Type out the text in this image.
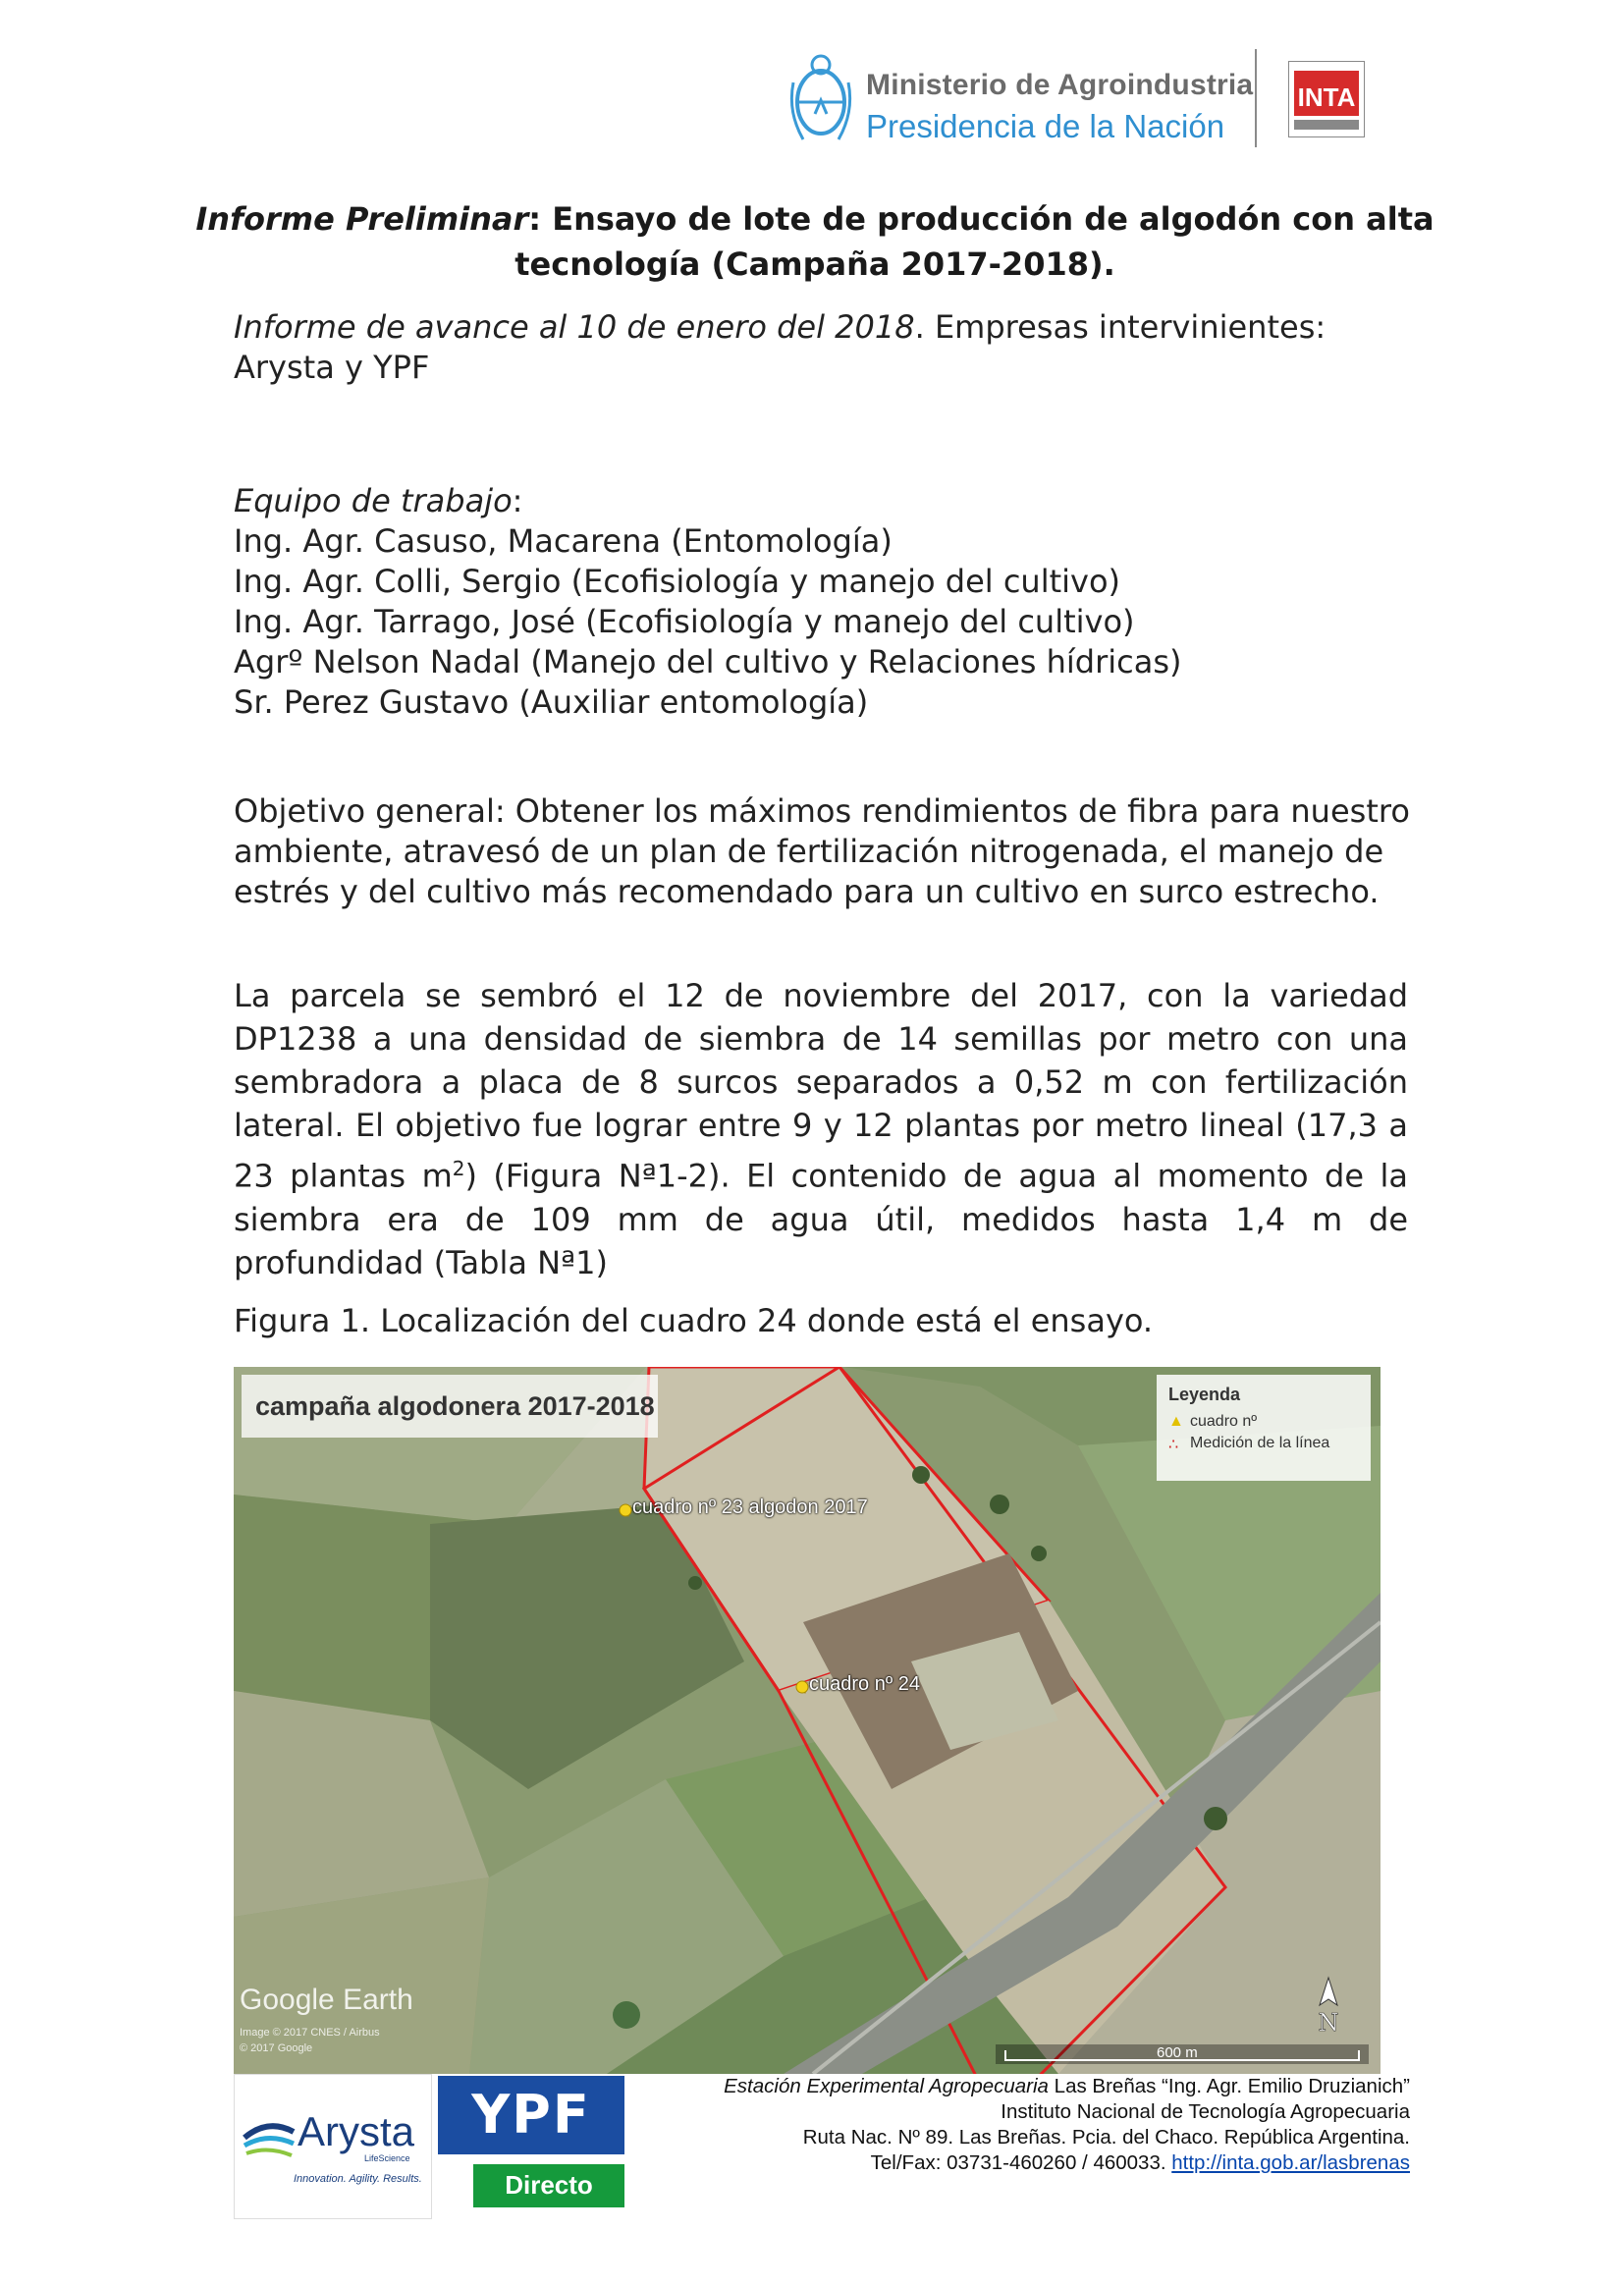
Ministerio de Agroindustria
Presidencia de la Nación
INTA
Informe Preliminar: Ensayo de lote de producción de algodón con alta
tecnología (Campaña 2017-2018).
Informe de avance al 10 de enero del 2018. Empresas intervinientes:
Arysta y YPF
Equipo de trabajo:
Ing. Agr. Casuso, Macarena (Entomología)
Ing. Agr. Colli, Sergio (Ecofisiología y manejo del cultivo)
Ing. Agr. Tarrago, José (Ecofisiología y manejo del cultivo)
Agrº Nelson Nadal (Manejo del cultivo y Relaciones hídricas)
Sr. Perez Gustavo (Auxiliar entomología)
Objetivo general: Obtener los máximos rendimientos de fibra para nuestro
ambiente, atravesó de un plan de fertilización nitrogenada, el manejo de
estrés y del cultivo más recomendado para un cultivo en surco estrecho.
La parcela se sembró el 12 de noviembre del 2017, con la variedad DP1238 a una densidad de siembra de 14 semillas por metro con una sembradora a placa de 8 surcos separados a 0,52 m con fertilización lateral. El objetivo fue lograr entre 9 y 12 plantas por metro lineal (17,3 a 23 plantas $m^2$) (Figura Nª1-2). El contenido de agua al momento de la siembra era de 109 mm de agua útil, medidos hasta 1,4 m de profundidad (Tabla Nª1)
Figura 1. Localización del cuadro 24 donde está el ensayo.
campaña algodonera 2017-2018	Leyenda
▲ cuadro nº
∴ Medición de la línea
cuadro nº 23 algodon 2017
cuadro nº 24
Google Earth
Image © 2017 CNES / Airbus
© 2017 Google	600 m
N
Arysta
LifeScience
Innovation. Agility. Results.
YPF
Directo
Estación Experimental Agropecuaria Las Breñas “Ing. Agr. Emilio Druzianich”
Instituto Nacional de Tecnología Agropecuaria
Ruta Nac. Nº 89. Las Breñas. Pcia. del Chaco. República Argentina.
Tel/Fax: 03731-460260 / 460033. http://inta.gob.ar/lasbrenas
